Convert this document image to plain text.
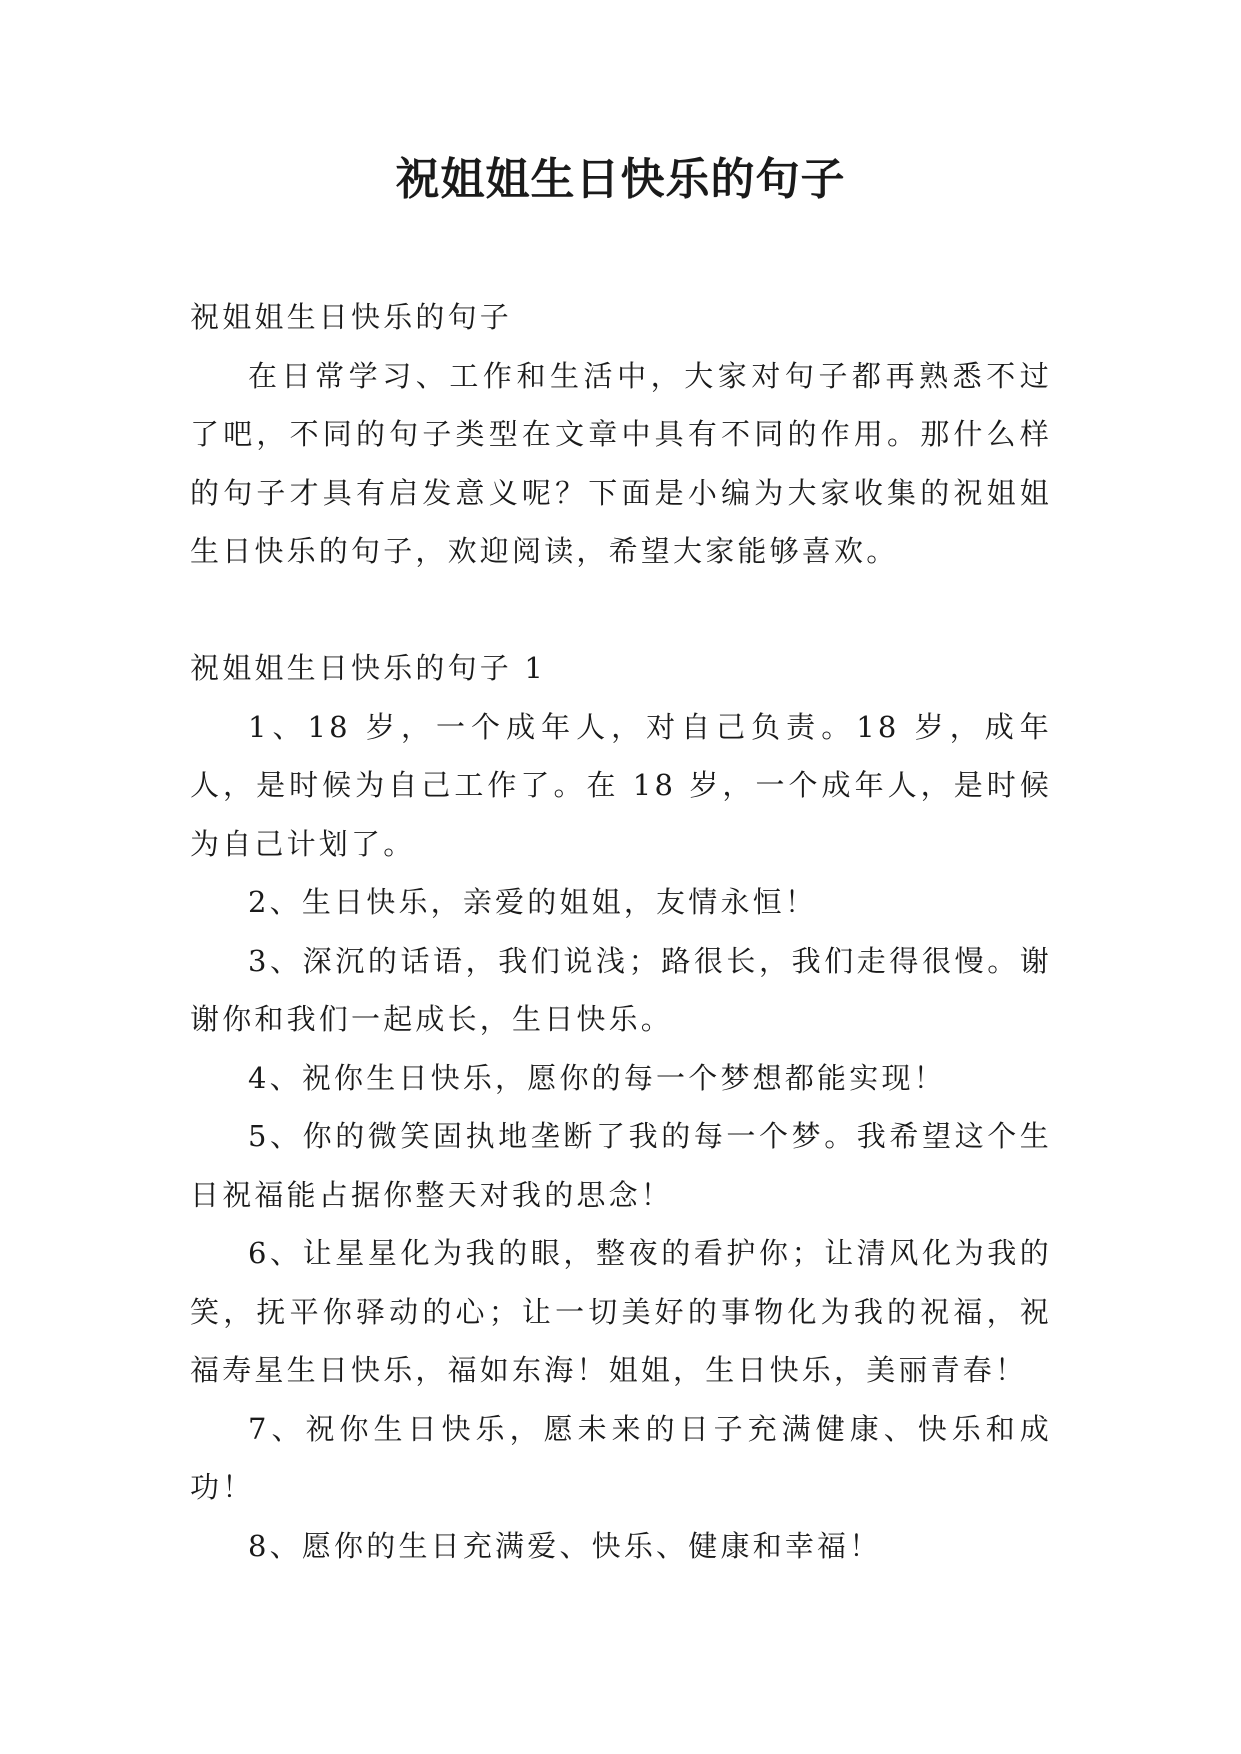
祝姐姐生日快乐的句子

祝姐姐生日快乐的句子

在日常学习、工作和生活中，大家对句子都再熟悉不过了吧，不同的句子类型在文章中具有不同的作用。那什么样的句子才具有启发意义呢？下面是小编为大家收集的祝姐姐生日快乐的句子，欢迎阅读，希望大家能够喜欢。

祝姐姐生日快乐的句子 1

1、18 岁，一个成年人，对自己负责。18 岁，成年人，是时候为自己工作了。在 18 岁，一个成年人，是时候为自己计划了。

2、生日快乐，亲爱的姐姐，友情永恒！

3、深沉的话语，我们说浅；路很长，我们走得很慢。谢谢你和我们一起成长，生日快乐。

4、祝你生日快乐，愿你的每一个梦想都能实现！

5、你的微笑固执地垄断了我的每一个梦。我希望这个生日祝福能占据你整天对我的思念！

6、让星星化为我的眼，整夜的看护你；让清风化为我的笑，抚平你驿动的心；让一切美好的事物化为我的祝福，祝福寿星生日快乐，福如东海！姐姐，生日快乐，美丽青春！

7、祝你生日快乐，愿未来的日子充满健康、快乐和成功！

8、愿你的生日充满爱、快乐、健康和幸福！
